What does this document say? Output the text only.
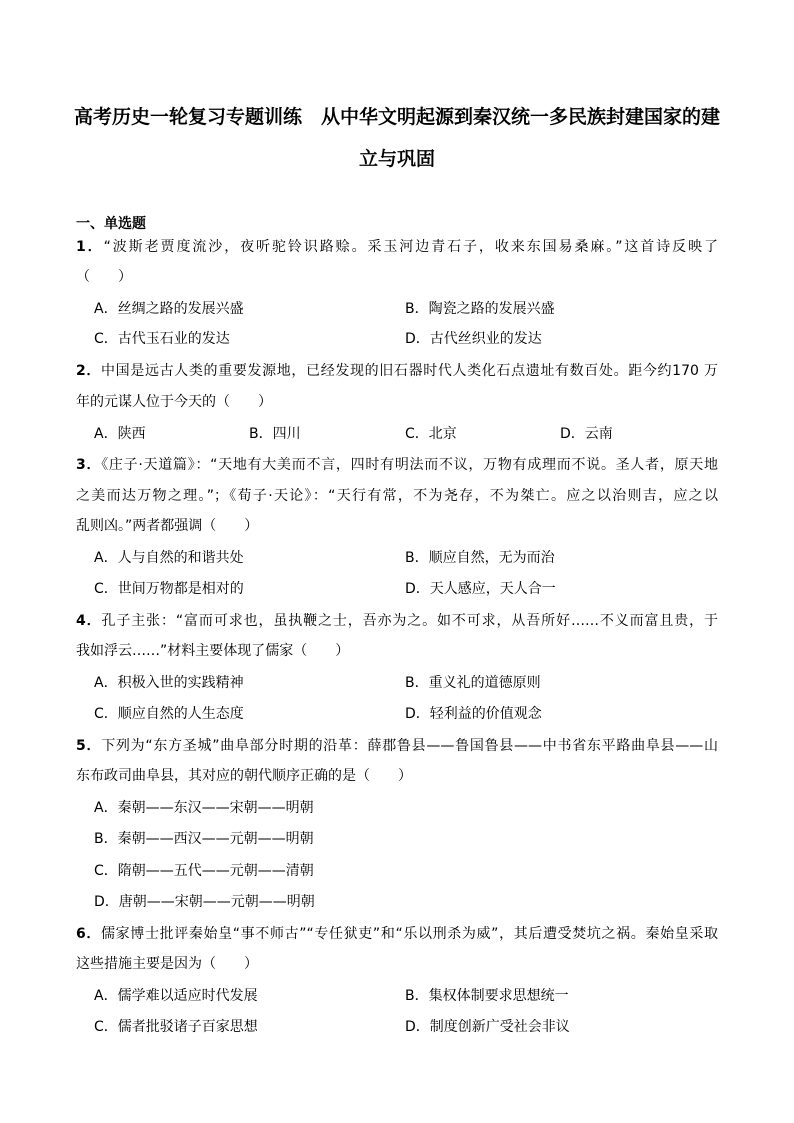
高考历史一轮复习专题训练　从中华文明起源到秦汉统一多民族封建国家的建
立与巩固
一、单选题
1．“波斯老贾度流沙，夜听驼铃识路赊。采玉河边青石子，收来东国易桑麻。”这首诗反映了
（　　）
A．丝绸之路的发展兴盛	B．陶瓷之路的发展兴盛
C．古代玉石业的发达	D．古代丝织业的发达
2．中国是远古人类的重要发源地，已经发现的旧石器时代人类化石点遗址有数百处。距今约170 万
年的元谋人位于今天的（　　）
A．陕西	B．四川	C．北京	D．云南
3．《庄子·天道篇》：“天地有大美而不言，四时有明法而不议，万物有成理而不说。圣人者，原天地
之美而达万物之理。”；《荀子·天论》：“天行有常，不为尧存，不为桀亡。应之以治则吉，应之以
乱则凶。”两者都强调（　　）
A．人与自然的和谐共处	B．顺应自然，无为而治
C．世间万物都是相对的	D．天人感应，天人合一
4．孔子主张：“富而可求也，虽执鞭之士，吾亦为之。如不可求，从吾所好……不义而富且贵，于
我如浮云……”材料主要体现了儒家（　　）
A．积极入世的实践精神	B．重义礼的道德原则
C．顺应自然的人生态度	D．轻利益的价值观念
5．下列为“东方圣城”曲阜部分时期的沿革：薛郡鲁县——鲁国鲁县——中书省东平路曲阜县——山
东布政司曲阜县，其对应的朝代顺序正确的是（　　）
A．秦朝——东汉——宋朝——明朝
B．秦朝——西汉——元朝——明朝
C．隋朝——五代——元朝——清朝
D．唐朝——宋朝——元朝——明朝
6．儒家博士批评秦始皇“事不师古”“专任狱吏”和“乐以刑杀为威”，其后遭受焚坑之祸。秦始皇采取
这些措施主要是因为（　　）
A．儒学难以适应时代发展	B．集权体制要求思想统一
C．儒者批驳诸子百家思想	D．制度创新广受社会非议
